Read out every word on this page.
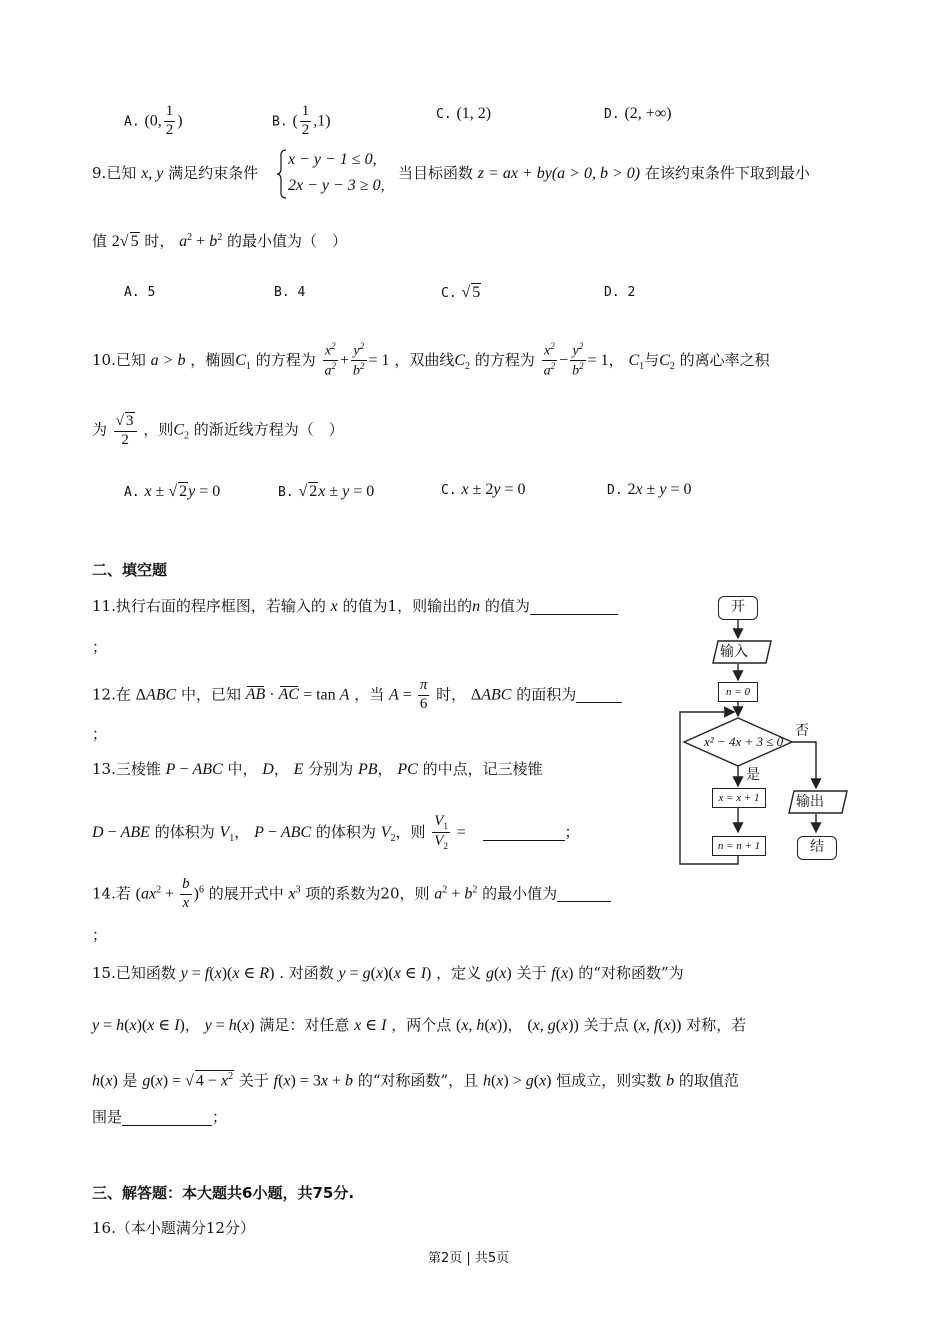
A. (0, $\frac{1}{2}$ )	B. ( $\frac{1}{2} ,1$)	C. (1, 2)	D. (2, +∞)
9.已知 x, y 满足约束条件
x − y − 1 ≤ 0,
2x − y − 3 ≥ 0,
当目标函数 z = ax + by(a > 0, b > 0) 在该约束条件下取到最小
值 2√ 5 时， $a^2 + b^2$ 的最小值为（　）
A. 5	B. 4	C. √ 5	D. 2
10.已知 a > b ，椭圆$C_1$ 的方程为 $\frac{x^2}{a^2} + \frac{y^2}{b^2} = 1$ ，双曲线$C_2$ 的方程为 $\frac{x^2}{a^2} - \frac{y^2}{b^2} = 1$， $C_1$与$C_2$ 的离心率之积
为 $\frac{√ 3}{2}$ ，则$C_2$ 的渐近线方程为（　）
A. x ± √ 2y = 0	B. √ 2x ± y = 0	C. x ± 2y = 0	D. 2x ± y = 0
二、填空题
11.执行右面的程序框图，若输入的 x 的值为1，则输出的n 的值为
；
12.在 ΔABC 中，已知 AB · AC = tan A ，当 $A = \frac{\pi}{6}$ 时， ΔABC 的面积为
；
13.三棱锥 P − ABC 中， D， E 分别为 PB， PC 的中点，记三棱锥
D − ABE 的体积为 $V_1$， P − ABC 的体积为 $V_2$，则 $\frac{V_1}{V_2}$ =	；
14.若 $(ax^2 + \frac{b}{x} )^6$ 的展开式中 $x^3$ 项的系数为20，则 $a^2 + b^2$ 的最小值为
；
15.已知函数 y = f(x)(x ∈ R) . 对函数 y = g(x)(x ∈ I) ，定义 g(x) 关于 f(x) 的“对称函数”为
y = h(x)(x ∈ I)， y = h(x) 满足：对任意 x ∈ I ，两个点 (x, h(x))， (x, g(x)) 关于点 (x, f(x)) 对称，若
h(x) 是 g(x) = √ $4 - x^2$ 关于 f(x) = 3x + b 的“对称函数”，且 h(x) > g(x) 恒成立，则实数 b 的取值范
围是	；
三、解答题：本大题共6小题，共75分.
16.（本小题满分12分）
开
输入
n = 0
x² − 4x + 3 ≤ 0
否
是
x = x + 1
n = n + 1
输出
结
第2页 | 共5页
